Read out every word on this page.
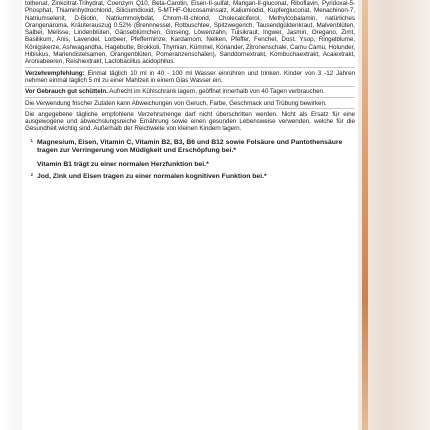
tothenat, Zinkcitrat-Trihydrat, Coenzym Q10, Beta-Carotin, Eisen-II-sulfat, Mangan-II-gluconat, Riboflavin, Pyridoxal-5-Phosphat, Thiaminhydrochlorid, Siliciumdioxid, 5-MTHF-Glucosaminsalz, Kaliumiodid, Kupfergluconat, Menachinon-7, Natriumselenit, D-Biotin, Natriummolybdat, Chrom-III-chlorid, Cholecalciferol, Methylcobalamin, natürliches Orangenaroma, Kräuterauszug 0.52% (Brennnessel, Rotbuschtee, Spitzwegerich, Tausendgüldenkraut, Malvenblüten, Salbei, Melisse, Lindenblüten, Gänseblümchen, Ginseng, Löwenzahn, Tulsikraut, Ingwer, Jasmin, Oregano, Zimt, Basilikum, Anis, Lavendel, Lorbeer, Pfefferminze, Kardamom, Nelken, Pfeffer, Fenchel, Dost, Ysop, Ringelblume, Königskerze, Ashwagandha, Hagebutte, Brokkoli, Thymian, Kümmel, Koriander, Zitronenschale, Camu Camu, Holunder, Hibiskus, Mariendistelsamen, Orangenblüten, Pomeranzenschalen), Sanddornextrakt, Kombuchaextrakt, Acaiextrakt, Aroniabeeren, Reishiextrakt, Lactobacillus acidophilus.

Verzehrempfehlung: Einmal täglich 10 ml in 40 - 100 ml Wasser einrühren und trinken. Kinder von 3 -12 Jahren nehmen einmal täglich 5 ml zu einer Mahlzeit in einem Glas Wasser ein.

Vor Gebrauch gut schütteln. Aufrecht im Kühlschrank lagern, geöffnet innerhalb von 40 Tagen verbrauchen.

Die Verwendung frischer Zutaten kann Abweichungen von Geruch, Farbe, Geschmack und Trübung bewirken.

Die angegebene tägliche empfohlene Verzehrsmenge darf nicht überschritten werden. Nicht als Ersatz für eine ausgewogene und abwechslungsreiche Ernährung sowie einen gesunden Lebensweise verwenden, welche für die Gesundheit wichtig sind. Außerhalb der Reichweite von kleinen Kindern lagern.

¹ Magnesium, Eisen, Vitamin C, Vitamin B2, B3, B6 und B12 sowie Folsäure und Pantothensäure tragen zur Verringerung von Müdigkeit und Erschöpfung bei.*
Vitamin B1 trägt zu einer normalen Herzfunktion bei.*
² Jod, Zink und Eisen tragen zu einer normalen kognitiven Funktion bei.*
